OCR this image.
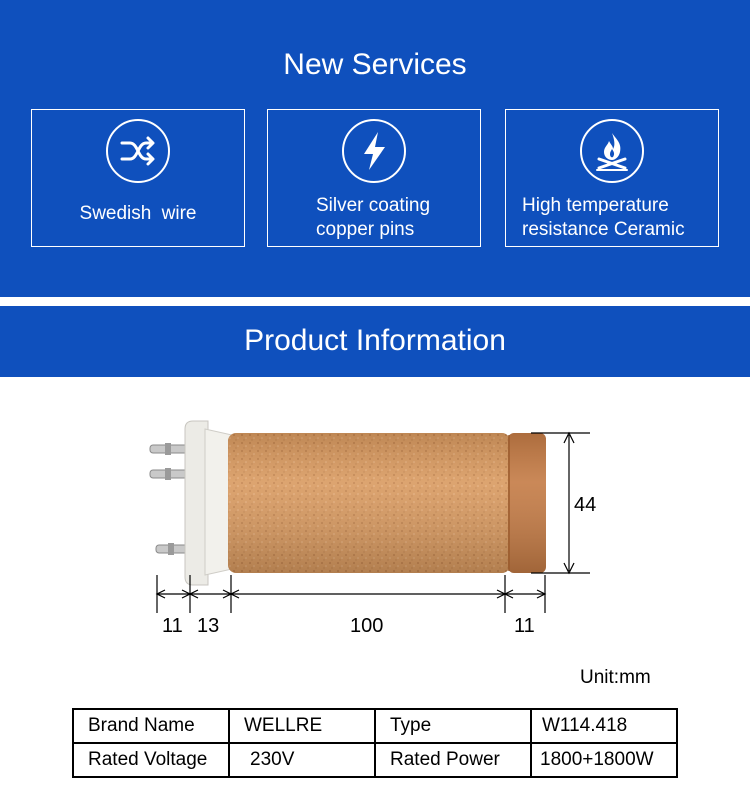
New Services
Swedish wire	Silver coating
copper pins
High temperature
resistance Ceramic
Product Information
11 13	100	11
44
Unit:mm
Brand Name	WELLRE	Type	W114.418
Rated Voltage	230V	Rated Power	1800+1800W
